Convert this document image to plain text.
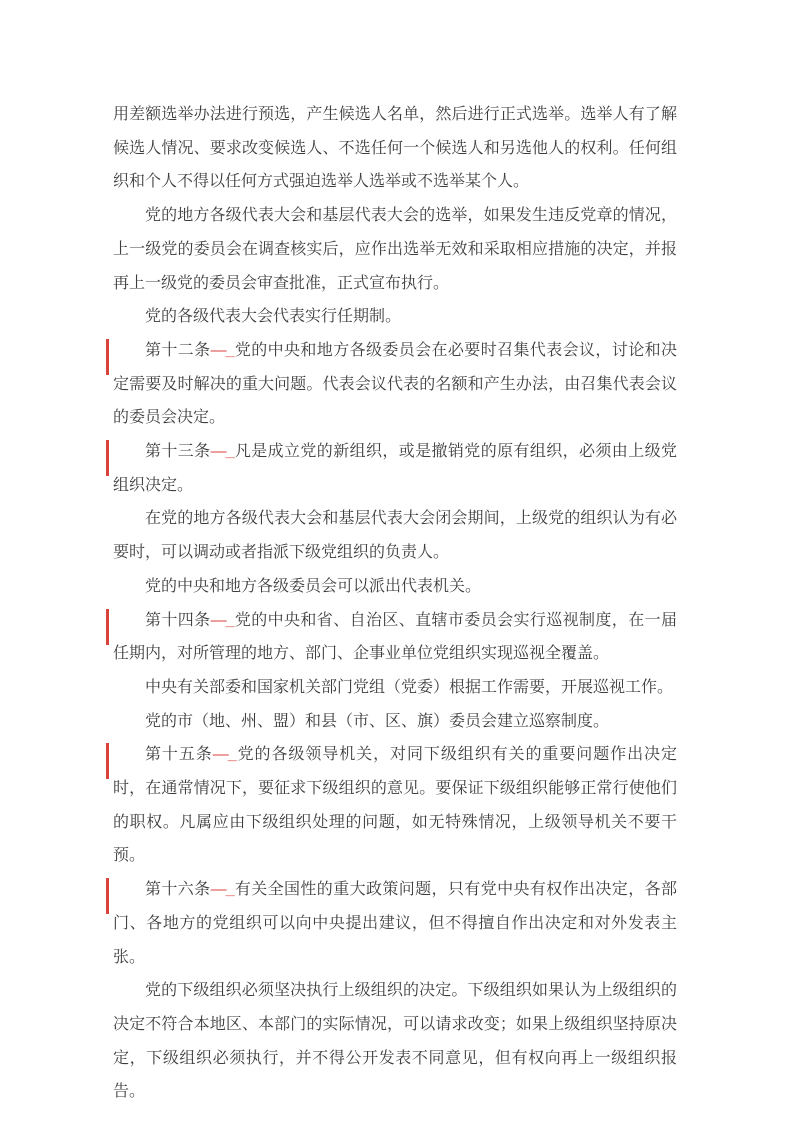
用差额选举办法进行预选，产生候选人名单，然后进行正式选举。选举人有了解候选人情况、要求改变候选人、不选任何一个候选人和另选他人的权利。任何组织和个人不得以任何方式强迫选举人选举或不选举某个人。

党的地方各级代表大会和基层代表大会的选举，如果发生违反党章的情况，上一级党的委员会在调查核实后，应作出选举无效和采取相应措施的决定，并报再上一级党的委员会审查批准，正式宣布执行。

党的各级代表大会代表实行任期制。

第十二条—_党的中央和地方各级委员会在必要时召集代表会议，讨论和决定需要及时解决的重大问题。代表会议代表的名额和产生办法，由召集代表会议的委员会决定。

第十三条—_凡是成立党的新组织，或是撤销党的原有组织，必须由上级党组织决定。

在党的地方各级代表大会和基层代表大会闭会期间，上级党的组织认为有必要时，可以调动或者指派下级党组织的负责人。

党的中央和地方各级委员会可以派出代表机关。

第十四条—_党的中央和省、自治区、直辖市委员会实行巡视制度，在一届任期内，对所管理的地方、部门、企事业单位党组织实现巡视全覆盖。

中央有关部委和国家机关部门党组（党委）根据工作需要，开展巡视工作。

党的市（地、州、盟）和县（市、区、旗）委员会建立巡察制度。

第十五条—_党的各级领导机关，对同下级组织有关的重要问题作出决定时，在通常情况下，要征求下级组织的意见。要保证下级组织能够正常行使他们的职权。凡属应由下级组织处理的问题，如无特殊情况，上级领导机关不要干预。

第十六条—_有关全国性的重大政策问题，只有党中央有权作出决定，各部门、各地方的党组织可以向中央提出建议，但不得擅自作出决定和对外发表主张。

党的下级组织必须坚决执行上级组织的决定。下级组织如果认为上级组织的决定不符合本地区、本部门的实际情况，可以请求改变；如果上级组织坚持原决定，下级组织必须执行，并不得公开发表不同意见，但有权向再上一级组织报告。
